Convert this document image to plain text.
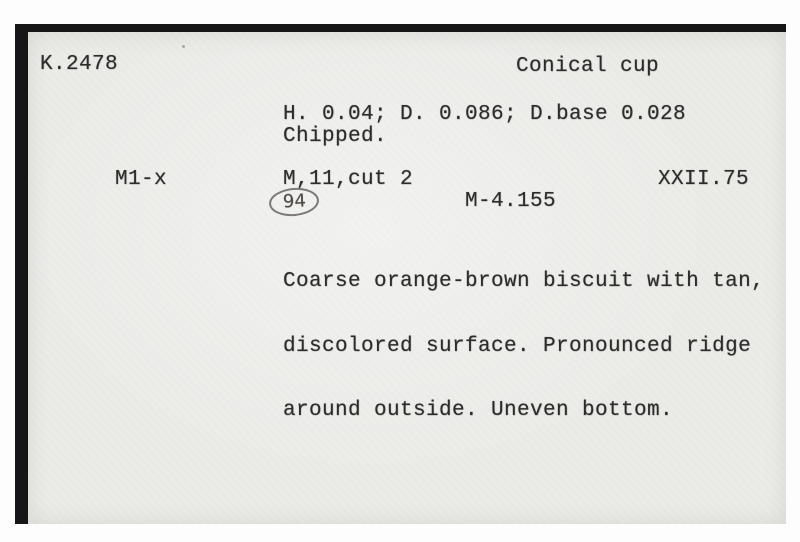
K.2478	Conical cup
H. 0.04; D. 0.086; D.base 0.028
Chipped.
M1-x	M,11,cut 2	XXII.75
M-4.155
94

Coarse orange-brown biscuit with tan,

discolored surface. Pronounced ridge

around outside. Uneven bottom.
